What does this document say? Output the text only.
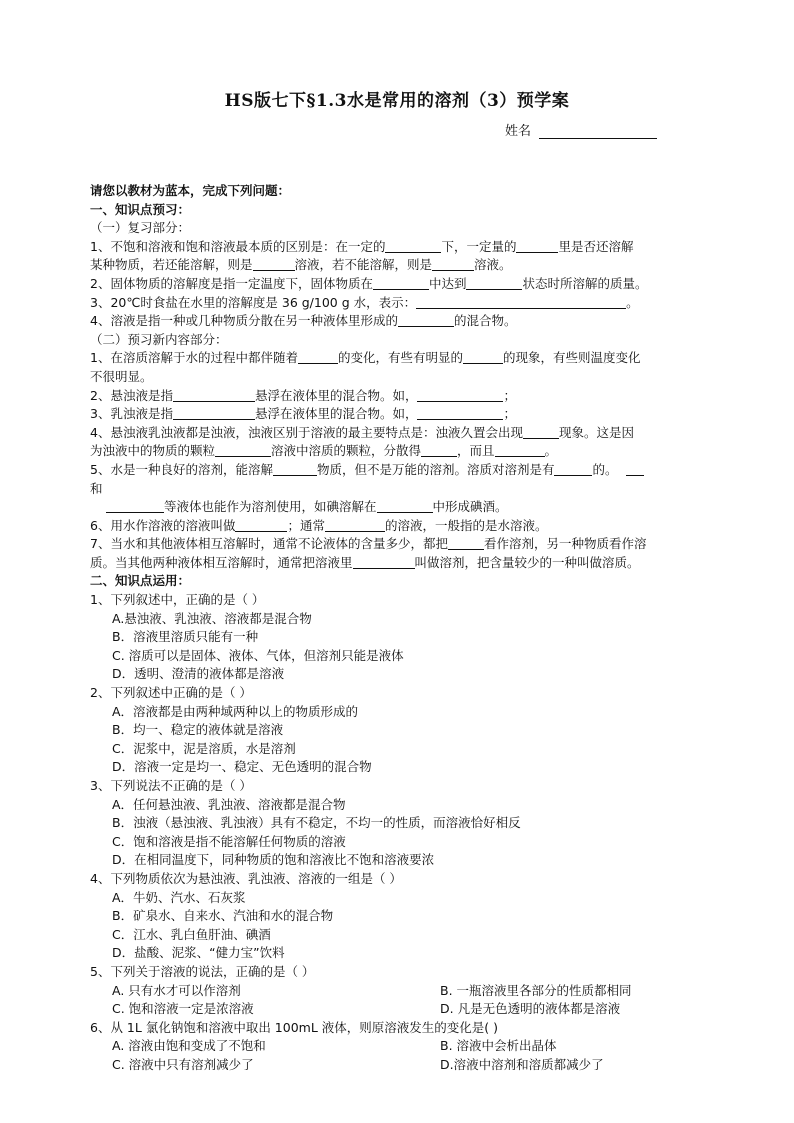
HS版七下§1.3水是常用的溶剂（3）预学案
姓名
请您以教材为蓝本，完成下列问题：
一、知识点预习：
（一）复习部分：
1、不饱和溶液和饱和溶液最本质的区别是：在一定的	下，一定量的	里是否还溶解
某种物质，若还能溶解，则是	溶液，若不能溶解，则是	溶液。
2、固体物质的溶解度是指一定温度下，固体物质在	中达到	状态时所溶解的质量。
3、20℃时食盐在水里的溶解度是 36 g/100 g 水，表示：	。
4、溶液是指一种或几种物质分散在另一种液体里形成的	的混合物。
（二）预习新内容部分：
1、在溶质溶解于水的过程中都伴随着	的变化，有些有明显的	的现象，有些则温度变化
不很明显。
2、悬浊液是指	悬浮在液体里的混合物。如，	；
3、乳浊液是指	悬浮在液体里的混合物。如，	；
4、悬浊液乳浊液都是浊液，浊液区别于溶液的最主要特点是：浊液久置会出现	现象。这是因
为浊液中的物质的颗粒	溶液中溶质的颗粒，分散得	，而且	。
5、水是一种良好的溶剂，能溶解	物质，但不是万能的溶剂。溶质对溶剂是有	的。
和
等液体也能作为溶剂使用，如碘溶解在	中形成碘酒。
6、用水作溶液的溶液叫做	；通常	的溶液，一般指的是水溶液。
7、当水和其他液体相互溶解时，通常不论液体的含量多少，都把	看作溶剂，另一种物质看作溶
质。当其他两种液体相互溶解时，通常把溶液里	叫做溶剂，把含量较少的一种叫做溶质。
二、知识点运用：
1、下列叙述中，正确的是（ ）
A.悬浊液、乳浊液、溶液都是混合物
B．溶液里溶质只能有一种
C. 溶质可以是固体、液体、气体，但溶剂只能是液体
D．透明、澄清的液体都是溶液
2、下列叙述中正确的是（ ）
A．溶液都是由两种域两种以上的物质形成的
B．均一、稳定的液体就是溶液
C．泥浆中，泥是溶质，水是溶剂
D．溶液一定是均一、稳定、无色透明的混合物
3、下列说法不正确的是（ ）
A．任何悬浊液、乳浊液、溶液都是混合物
B．浊液（悬浊液、乳浊液）具有不稳定，不均一的性质，而溶液恰好相反
C．饱和溶液是指不能溶解任何物质的溶液
D．在相同温度下，同种物质的饱和溶液比不饱和溶液要浓
4、下列物质依次为悬浊液、乳浊液、溶液的一组是（ ）
A．牛奶、汽水、石灰浆
B．矿泉水、自来水、汽油和水的混合物
C．江水、乳白鱼肝油、碘酒
D．盐酸、泥浆、“健力宝”饮料
5、下列关于溶液的说法，正确的是（ ）
A. 只有水才可以作溶剂	B. 一瓶溶液里各部分的性质都相同
C. 饱和溶液一定是浓溶液	D. 凡是无色透明的液体都是溶液
6、从 1L 氯化钠饱和溶液中取出 100mL 液体，则原溶液发生的变化是( )
A. 溶液由饱和变成了不饱和	B. 溶液中会析出晶体
C. 溶液中只有溶剂减少了	D.溶液中溶剂和溶质都减少了
